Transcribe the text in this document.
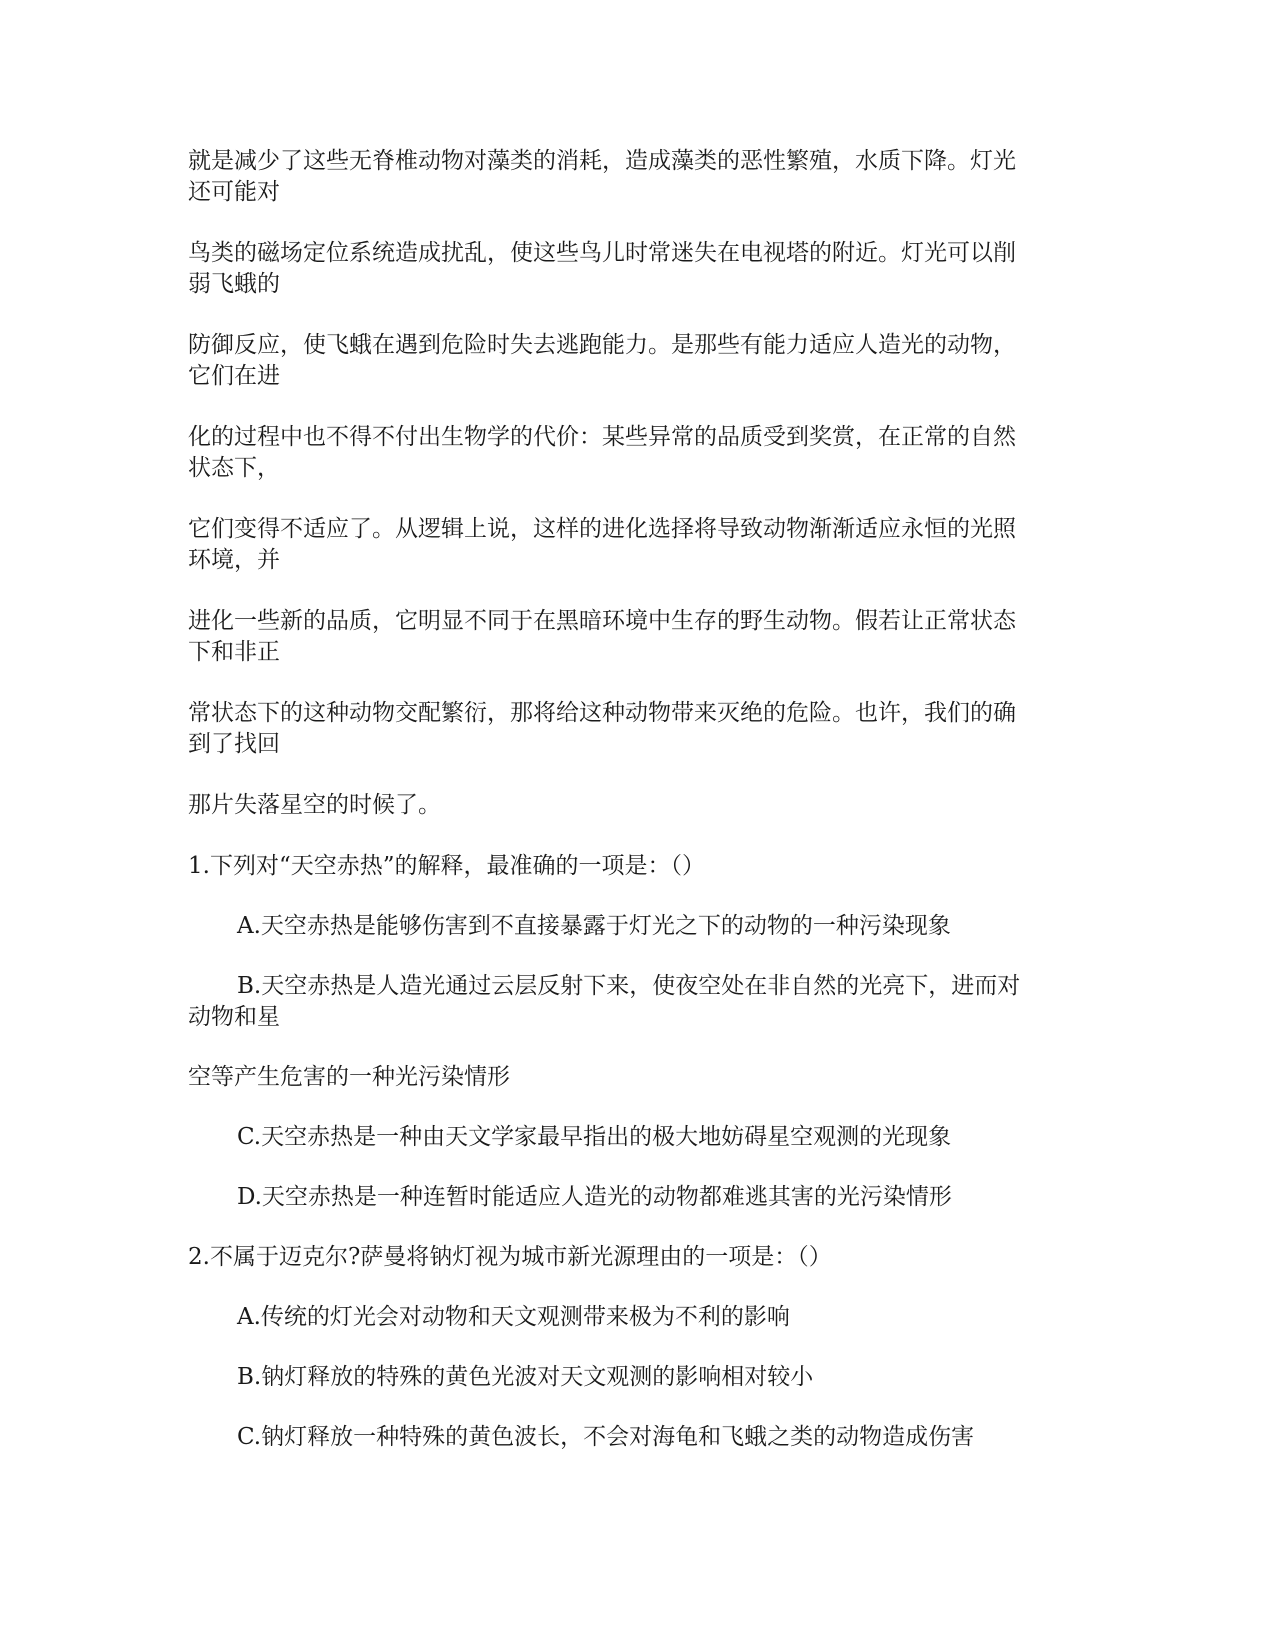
就是减少了这些无脊椎动物对藻类的消耗，造成藻类的恶性繁殖，水质下降。灯光
还可能对
鸟类的磁场定位系统造成扰乱，使这些鸟儿时常迷失在电视塔的附近。灯光可以削
弱飞蛾的
防御反应，使飞蛾在遇到危险时失去逃跑能力。是那些有能力适应人造光的动物，
它们在进
化的过程中也不得不付出生物学的代价：某些异常的品质受到奖赏，在正常的自然
状态下，
它们变得不适应了。从逻辑上说，这样的进化选择将导致动物渐渐适应永恒的光照
环境，并
进化一些新的品质，它明显不同于在黑暗环境中生存的野生动物。假若让正常状态
下和非正
常状态下的这种动物交配繁衍，那将给这种动物带来灭绝的危险。也许，我们的确
到了找回
那片失落星空的时候了。
1.下列对“天空赤热”的解释，最准确的一项是：（）
A.天空赤热是能够伤害到不直接暴露于灯光之下的动物的一种污染现象
B.天空赤热是人造光通过云层反射下来，使夜空处在非自然的光亮下，进而对
动物和星
空等产生危害的一种光污染情形
C.天空赤热是一种由天文学家最早指出的极大地妨碍星空观测的光现象
D.天空赤热是一种连暂时能适应人造光的动物都难逃其害的光污染情形
2.不属于迈克尔?萨曼将钠灯视为城市新光源理由的一项是：（）
A.传统的灯光会对动物和天文观测带来极为不利的影响
B.钠灯释放的特殊的黄色光波对天文观测的影响相对较小
C.钠灯释放一种特殊的黄色波长，不会对海龟和飞蛾之类的动物造成伤害
